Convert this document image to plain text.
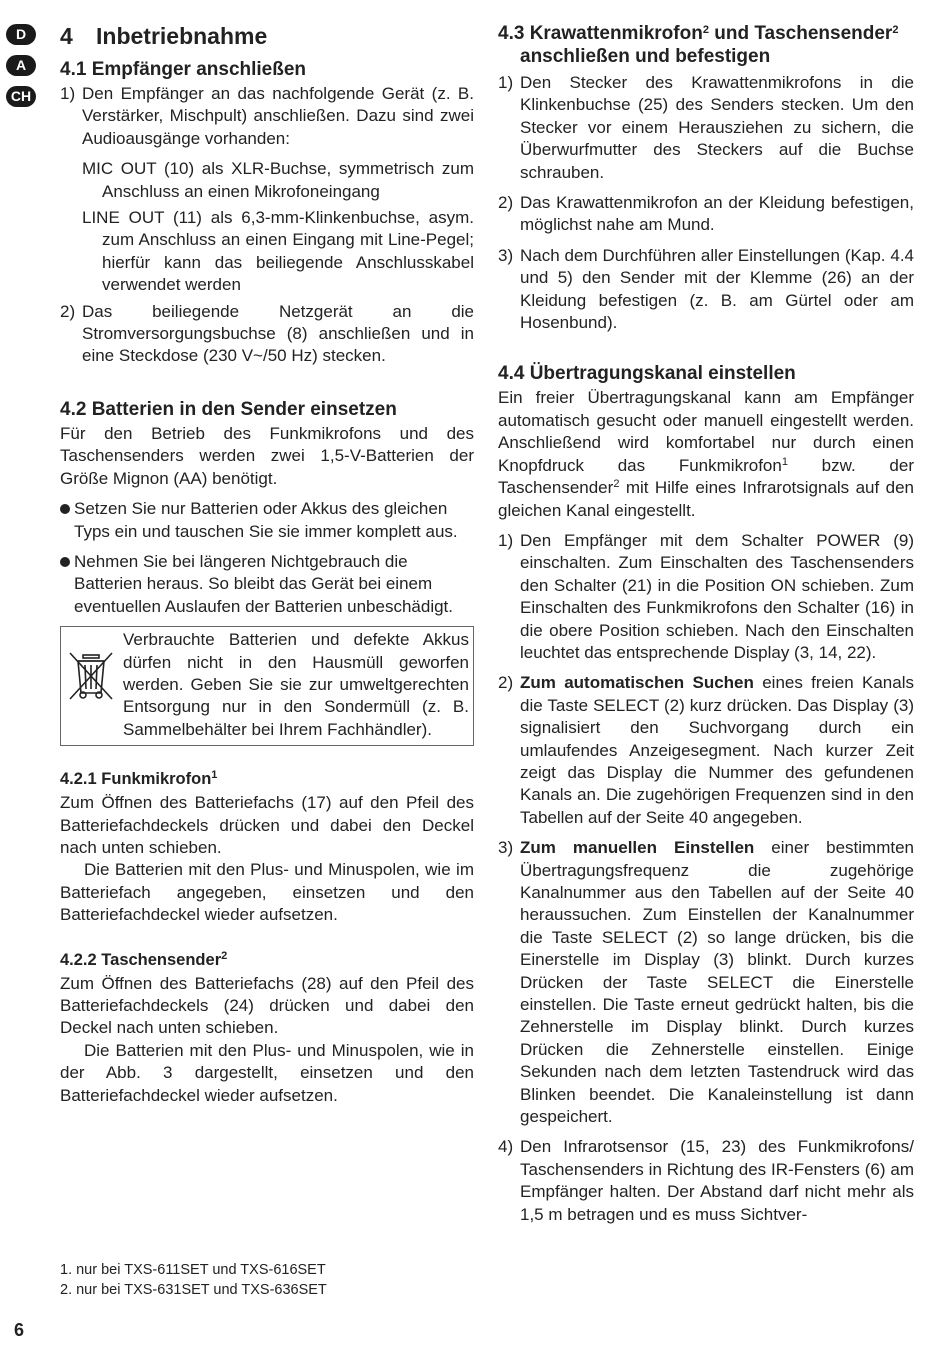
D
A
CH
4 Inbetriebnahme
4.1 Empfänger anschließen
1) Den Empfänger an das nachfolgende Gerät (z. B. Verstärker, Mischpult) anschließen. Dazu sind zwei Audioausgänge vorhanden:

MIC OUT (10) als XLR-Buchse, symmetrisch zum Anschluss an einen Mikrofoneingang

LINE OUT (11) als 6,3-mm-Klinkenbuchse, asym. zum Anschluss an einen Eingang mit Line-Pegel; hierfür kann das beiliegende Anschlusskabel verwendet werden

2) Das beiliegende Netzgerät an die Stromversorgungsbuchse (8) anschließen und in eine Steckdose (230 V~/50 Hz) stecken.
4.2 Batterien in den Sender einsetzen

Für den Betrieb des Funkmikrofons und des Taschensenders werden zwei 1,5-V-Batterien der Größe Mignon (AA) benötigt.

Setzen Sie nur Batterien oder Akkus des gleichen Typs ein und tauschen Sie sie immer komplett aus.
Nehmen Sie bei längeren Nichtgebrauch die Batterien heraus. So bleibt das Gerät bei einem eventuellen Auslaufen der Batterien unbeschädigt.

Verbrauchte Batterien und defekte Akkus dürfen nicht in den Hausmüll geworfen werden. Geben Sie sie zur umweltgerechten Entsorgung nur in den Sondermüll (z. B. Sammelbehälter bei Ihrem Fachhändler).

4.2.1 Funkmikrofon$^1$

Zum Öffnen des Batteriefachs (17) auf den Pfeil des Batteriefachdeckels drücken und dabei den Deckel nach unten schieben.

Die Batterien mit den Plus- und Minuspolen, wie im Batteriefach angegeben, einsetzen und den Batteriefachdeckel wieder aufsetzen.

4.2.2 Taschensender$^2$

Zum Öffnen des Batteriefachs (28) auf den Pfeil des Batteriefachdeckels (24) drücken und dabei den Deckel nach unten schieben.

Die Batterien mit den Plus- und Minuspolen, wie in der Abb. 3 dargestellt, einsetzen und den Batteriefachdeckel wieder aufsetzen.

4.3 Krawattenmikrofon$^2$ und Taschensender$^2$ anschließen und befestigen
1) Den Stecker des Krawattenmikrofons in die Klinkenbuchse (25) des Senders stecken. Um den Stecker vor einem Herausziehen zu sichern, die Überwurfmutter des Steckers auf die Buchse schrauben.
2) Das Krawattenmikrofon an der Kleidung befestigen, möglichst nahe am Mund.
3) Nach dem Durchführen aller Einstellungen (Kap. 4.4 und 5) den Sender mit der Klemme (26) an der Kleidung befestigen (z. B. am Gürtel oder am Hosenbund).
4.4 Übertragungskanal einstellen

Ein freier Übertragungskanal kann am Empfänger automatisch gesucht oder manuell eingestellt werden. Anschließend wird komfortabel nur durch einen Knopfdruck das Funkmikrofon$^1$ bzw. der Taschensender$^2$ mit Hilfe eines Infrarotsignals auf den gleichen Kanal eingestellt.

1) Den Empfänger mit dem Schalter POWER (9) einschalten. Zum Einschalten des Taschensenders den Schalter (21) in die Position ON schieben. Zum Einschalten des Funkmikrofons den Schalter (16) in die obere Position schieben. Nach den Einschalten leuchtet das entsprechende Display (3, 14, 22).
2) Zum automatischen Suchen eines freien Kanals die Taste SELECT (2) kurz drücken. Das Display (3) signalisiert den Suchvorgang durch ein umlaufendes Anzeigesegment. Nach kurzer Zeit zeigt das Display die Nummer des gefundenen Kanals an. Die zugehörigen Frequenzen sind in den Tabellen auf der Seite 40 angegeben.
3) Zum manuellen Einstellen einer bestimmten Übertragungsfrequenz die zugehörige Kanalnummer aus den Tabellen auf der Seite 40 heraussuchen. Zum Einstellen der Kanalnummer die Taste SELECT (2) so lange drücken, bis die Einerstelle im Display (3) blinkt. Durch kurzes Drücken der Taste SELECT die Einerstelle einstellen. Die Taste erneut gedrückt halten, bis die Zehnerstelle im Display blinkt. Durch kurzes Drücken die Zehnerstelle einstellen. Einige Sekunden nach dem letzten Tastendruck wird das Blinken beendet. Die Kanaleinstellung ist dann gespeichert.
4) Den Infrarotsensor (15, 23) des Funkmikrofons/ Taschensenders in Richtung des IR-Fensters (6) am Empfänger halten. Der Abstand darf nicht mehr als 1,5 m betragen und es muss Sichtver-
1. nur bei TXS-611SET und TXS-616SET
2. nur bei TXS-631SET und TXS-636SET
6
